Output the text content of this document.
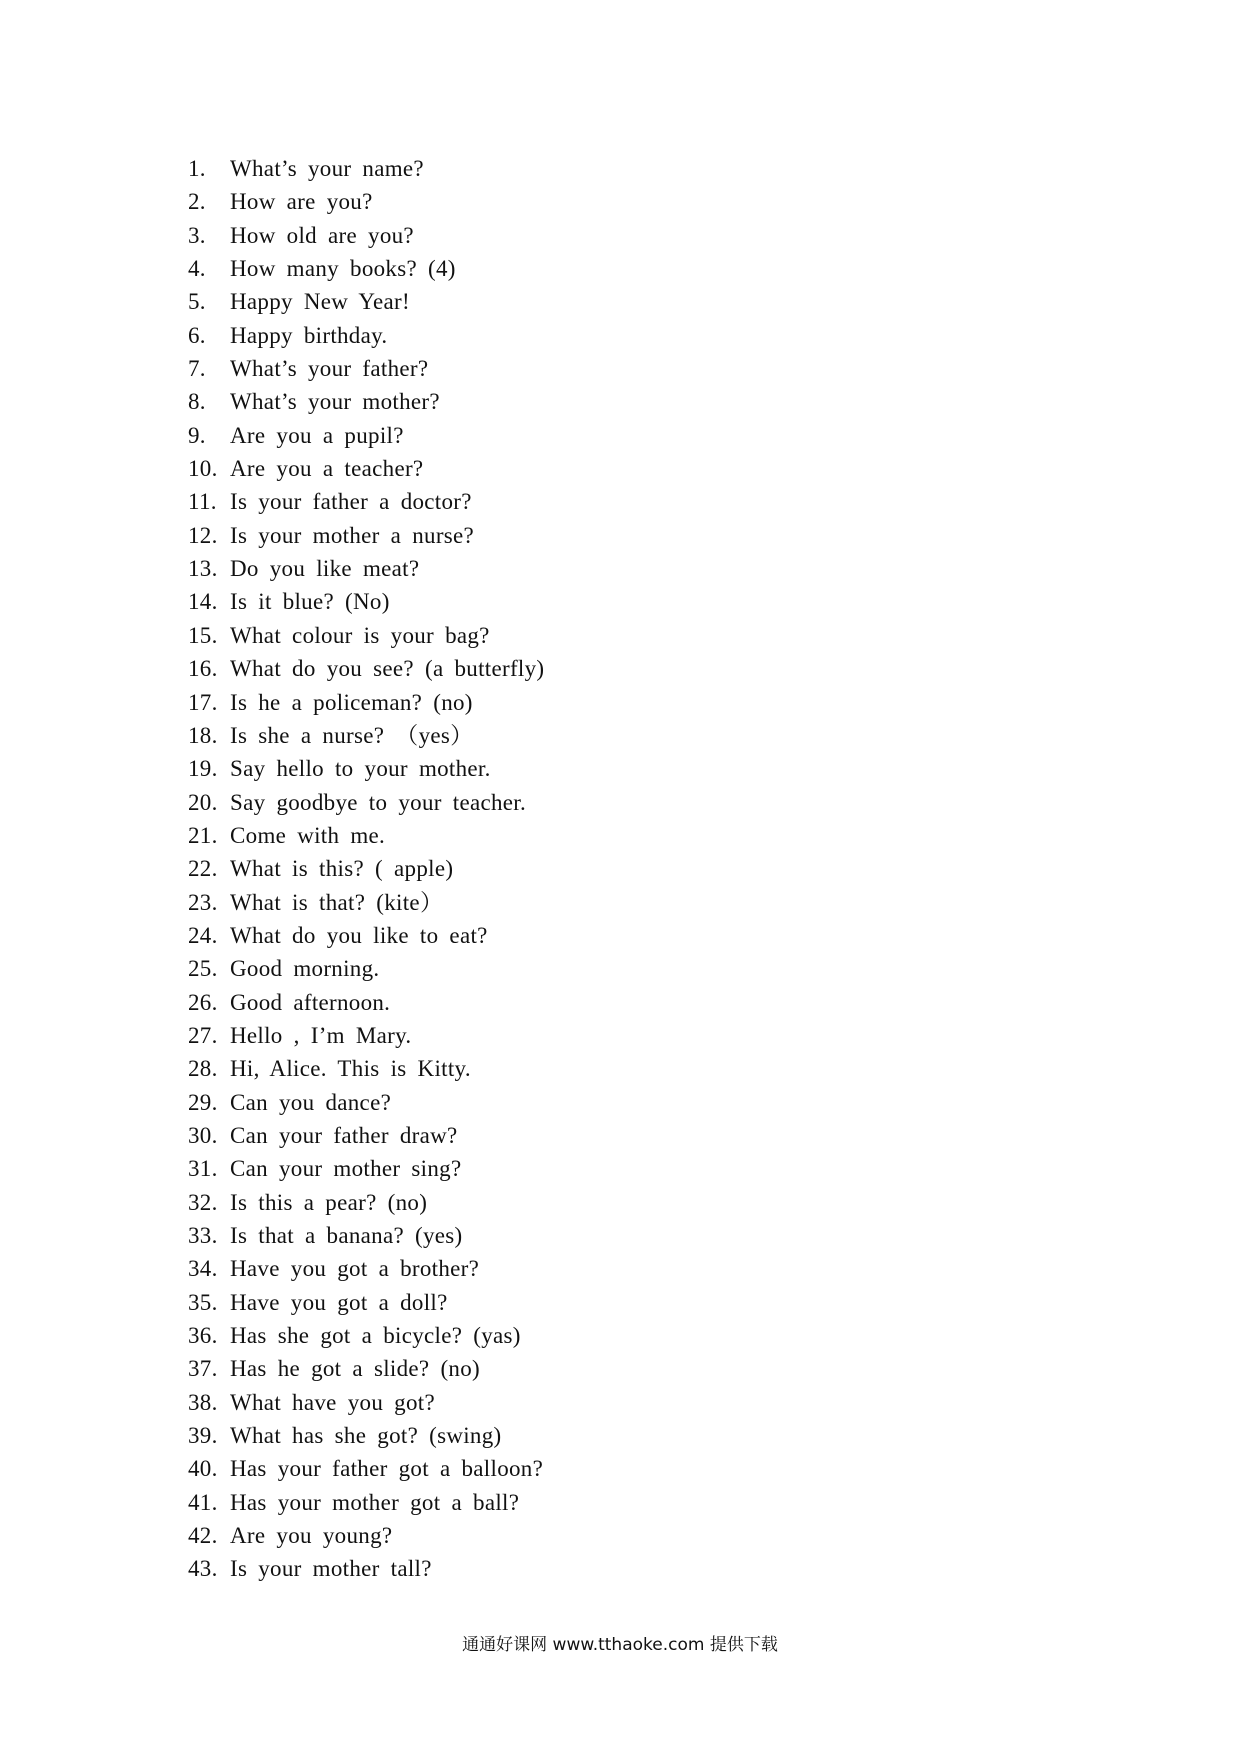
1. What’s your name?
2. How are you?
3. How old are you?
4. How many books? (4)
5. Happy New Year!
6. Happy birthday.
7. What’s your father?
8. What’s your mother?
9. Are you a pupil?
10. Are you a teacher?
11. Is your father a doctor?
12. Is your mother a nurse?
13. Do you like meat?
14. Is it blue? (No)
15. What colour is your bag?
16. What do you see? (a butterfly)
17. Is he a policeman? (no)
18. Is she a nurse? （yes）
19. Say hello to your mother.
20. Say goodbye to your teacher.
21. Come with me.
22. What is this? ( apple)
23. What is that? (kite）
24. What do you like to eat?
25. Good morning.
26. Good afternoon.
27. Hello , I’m Mary.
28. Hi, Alice. This is Kitty.
29. Can you dance?
30. Can your father draw?
31. Can your mother sing?
32. Is this a pear? (no)
33. Is that a banana? (yes)
34. Have you got a brother?
35. Have you got a doll?
36. Has she got a bicycle? (yas)
37. Has he got a slide? (no)
38. What have you got?
39. What has she got? (swing)
40. Has your father got a balloon?
41. Has your mother got a ball?
42. Are you young?
43. Is your mother tall?
通通好课网 www.tthaoke.com 提供下载
